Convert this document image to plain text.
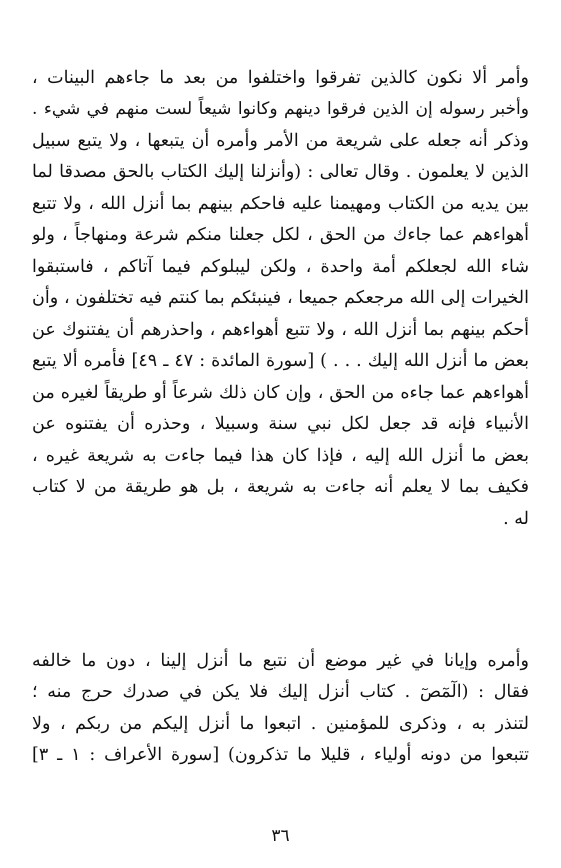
وأمر ألا نكون كالذين تفرقوا واختلفوا من بعد ما جاءهم البينات ،
وأخبر رسوله إن الذين فرقوا دينهم وكانوا شيعاً لست منهم في شيء .
وذكر أنه جعله على شريعة من الأمر وأمره أن يتبعها ، ولا يتبع سبيل
الذين لا يعلمون . وقال تعالى : (وأنزلنا إليك الكتاب بالحق مصدقا لما
بين يديه من الكتاب ومهيمنا عليه فاحكم بينهم بما أنزل الله ، ولا تتبع
أهواءهم عما جاءك من الحق ، لكل جعلنا منكم شرعة ومنهاجاً ، ولو
شاء الله لجعلكم أمة واحدة ، ولكن ليبلوكم فيما آتاكم ، فاستبقوا
الخيرات إلى الله مرجعكم جميعا ، فينبئكم بما كنتم فيه تختلفون ، وأن
أحكم بينهم بما أنزل الله ، ولا تتبع أهواءهم ، واحذرهم أن يفتنوك عن
بعض ما أنزل الله إليك . . . ) [سورة المائدة : ٤٧ ـ ٤٩] فأمره ألا يتبع
أهواءهم عما جاءه من الحق ، وإن كان ذلك شرعاً أو طريقاً لغيره من
الأنبياء فإنه قد جعل لكل نبي سنة وسبيلا ، وحذره أن يفتنوه عن
بعض ما أنزل الله إليه ، فإذا كان هذا فيما جاءت به شريعة غيره ،
فكيف بما لا يعلم أنه جاءت به شريعة ، بل هو طريقة من لا كتاب
له .
وأمره وإيانا في غير موضع أن نتبع ما أنزل إلينا ، دون ما خالفه
فقال : (الٓمٓصٓ . كتاب أنزل إليك فلا يكن في صدرك حرج منه ؛
لتنذر به ، وذكرى للمؤمنين . اتبعوا ما أنزل إليكم من ربكم ، ولا
تتبعوا من دونه أولياء ، قليلا ما تذكرون) [سورة الأعراف : ١ ـ ٣]
٣٦
